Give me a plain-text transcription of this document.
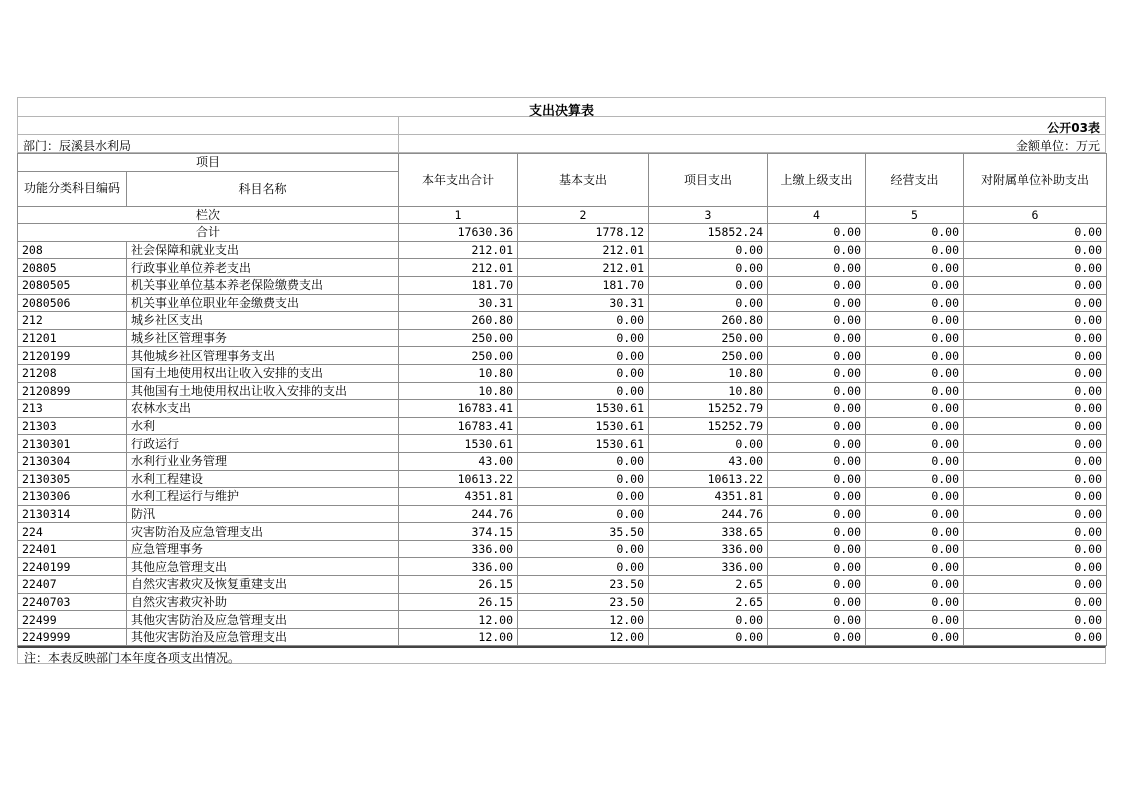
支出决算表
公开03表
部门：辰溪县水利局	金额单位：万元
项目		本年支出合计	基本支出	项目支出	上缴上级支出	经营支出	对附属单位补助支出
功能分类科目编码	科目名称						
栏次		1	2	3	4	5	6
合计		17630.36	1778.12	15852.24	0.00	0.00	0.00
208	社会保障和就业支出	212.01	212.01	0.00	0.00	0.00	0.00
20805	行政事业单位养老支出	212.01	212.01	0.00	0.00	0.00	0.00
2080505	机关事业单位基本养老保险缴费支出	181.70	181.70	0.00	0.00	0.00	0.00
2080506	机关事业单位职业年金缴费支出	30.31	30.31	0.00	0.00	0.00	0.00
212	城乡社区支出	260.80	0.00	260.80	0.00	0.00	0.00
21201	城乡社区管理事务	250.00	0.00	250.00	0.00	0.00	0.00
2120199	其他城乡社区管理事务支出	250.00	0.00	250.00	0.00	0.00	0.00
21208	国有土地使用权出让收入安排的支出	10.80	0.00	10.80	0.00	0.00	0.00
2120899	其他国有土地使用权出让收入安排的支出	10.80	0.00	10.80	0.00	0.00	0.00
213	农林水支出	16783.41	1530.61	15252.79	0.00	0.00	0.00
21303	水利	16783.41	1530.61	15252.79	0.00	0.00	0.00
2130301	行政运行	1530.61	1530.61	0.00	0.00	0.00	0.00
2130304	水利行业业务管理	43.00	0.00	43.00	0.00	0.00	0.00
2130305	水利工程建设	10613.22	0.00	10613.22	0.00	0.00	0.00
2130306	水利工程运行与维护	4351.81	0.00	4351.81	0.00	0.00	0.00
2130314	防汛	244.76	0.00	244.76	0.00	0.00	0.00
224	灾害防治及应急管理支出	374.15	35.50	338.65	0.00	0.00	0.00
22401	应急管理事务	336.00	0.00	336.00	0.00	0.00	0.00
2240199	其他应急管理支出	336.00	0.00	336.00	0.00	0.00	0.00
22407	自然灾害救灾及恢复重建支出	26.15	23.50	2.65	0.00	0.00	0.00
2240703	自然灾害救灾补助	26.15	23.50	2.65	0.00	0.00	0.00
22499	其他灾害防治及应急管理支出	12.00	12.00	0.00	0.00	0.00	0.00
2249999	其他灾害防治及应急管理支出	12.00	12.00	0.00	0.00	0.00	0.00
注：本表反映部门本年度各项支出情况。
